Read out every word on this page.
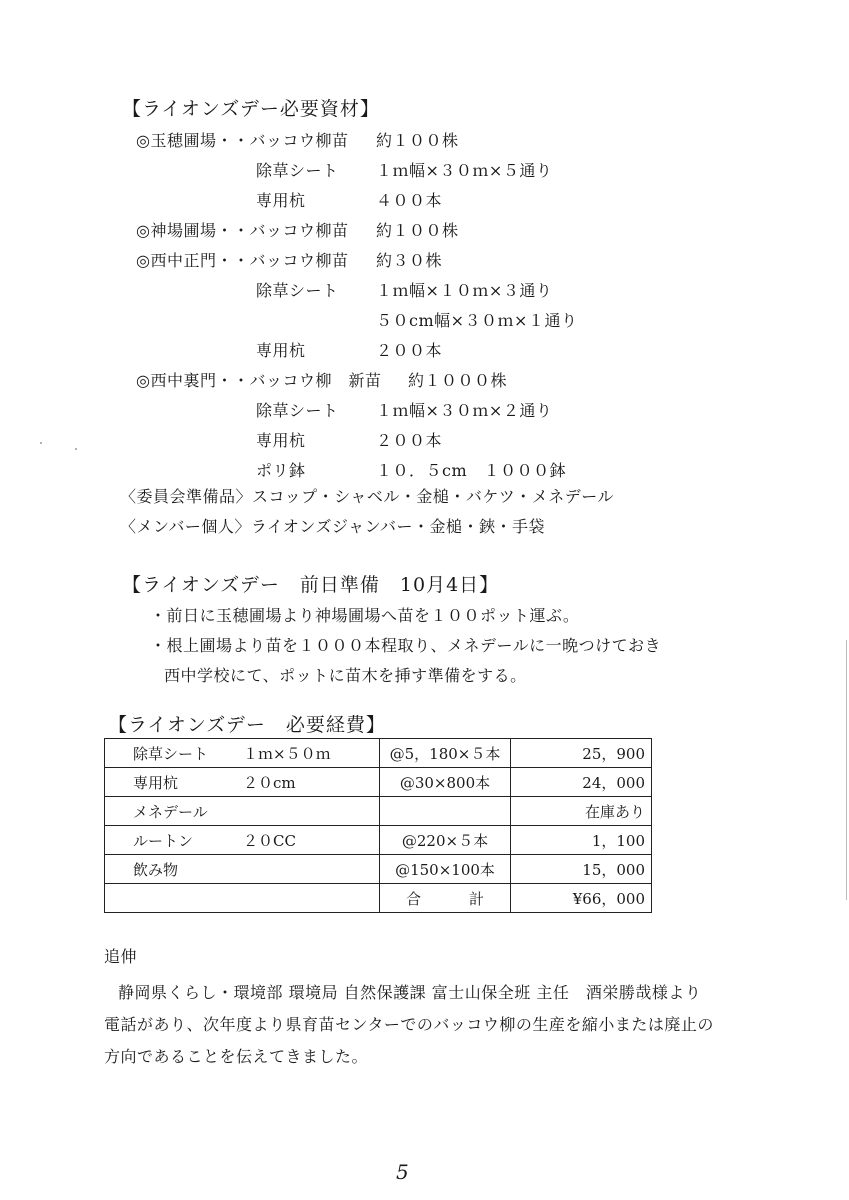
【ライオンズデー必要資材】
◎玉穂圃場・・バッコウ柳苗 約１００株
除草シート １ｍ幅×３０ｍ×５通り
専用杭	４００本
◎神場圃場・・バッコウ柳苗 約１００株
◎西中正門・・バッコウ柳苗 約３０株
除草シート １ｍ幅×１０ｍ×３通り
５０cm幅×３０ｍ×１通り
専用杭	２００本
◎西中裏門・・バッコウ柳　新苗 約１０００株
除草シート １ｍ幅×３０ｍ×２通り
専用杭	２００本
ポリ鉢	１０．５cm　１０００鉢
〈委員会準備品〉スコップ・シャベル・金槌・バケツ・メネデール
〈メンバー個人〉ライオンズジャンバー・金槌・鋏・手袋
【ライオンズデー　前日準備　10月4日】
・前日に玉穂圃場より神場圃場へ苗を１００ポット運ぶ。
・根上圃場より苗を１０００本程取り、メネデールに一晩つけておき
西中学校にて、ポットに苗木を挿す準備をする。
【ライオンズデー　必要経費】
除草シート １ｍ×５０ｍ	@5，180×５本	25，900
専用杭 ２０cm	@30×800本	24，000
メネデール		在庫あり
ルートン ２０CC	@220×５本	1，100
飲み物	@150×100本	15，000

	合 計	¥66，000
追伸
静岡県くらし・環境部 環境局 自然保護課 富士山保全班 主任　酒栄勝哉様より
電話があり、次年度より県育苗センターでのバッコウ柳の生産を縮小または廃止の
方向であることを伝えてきました。
5
